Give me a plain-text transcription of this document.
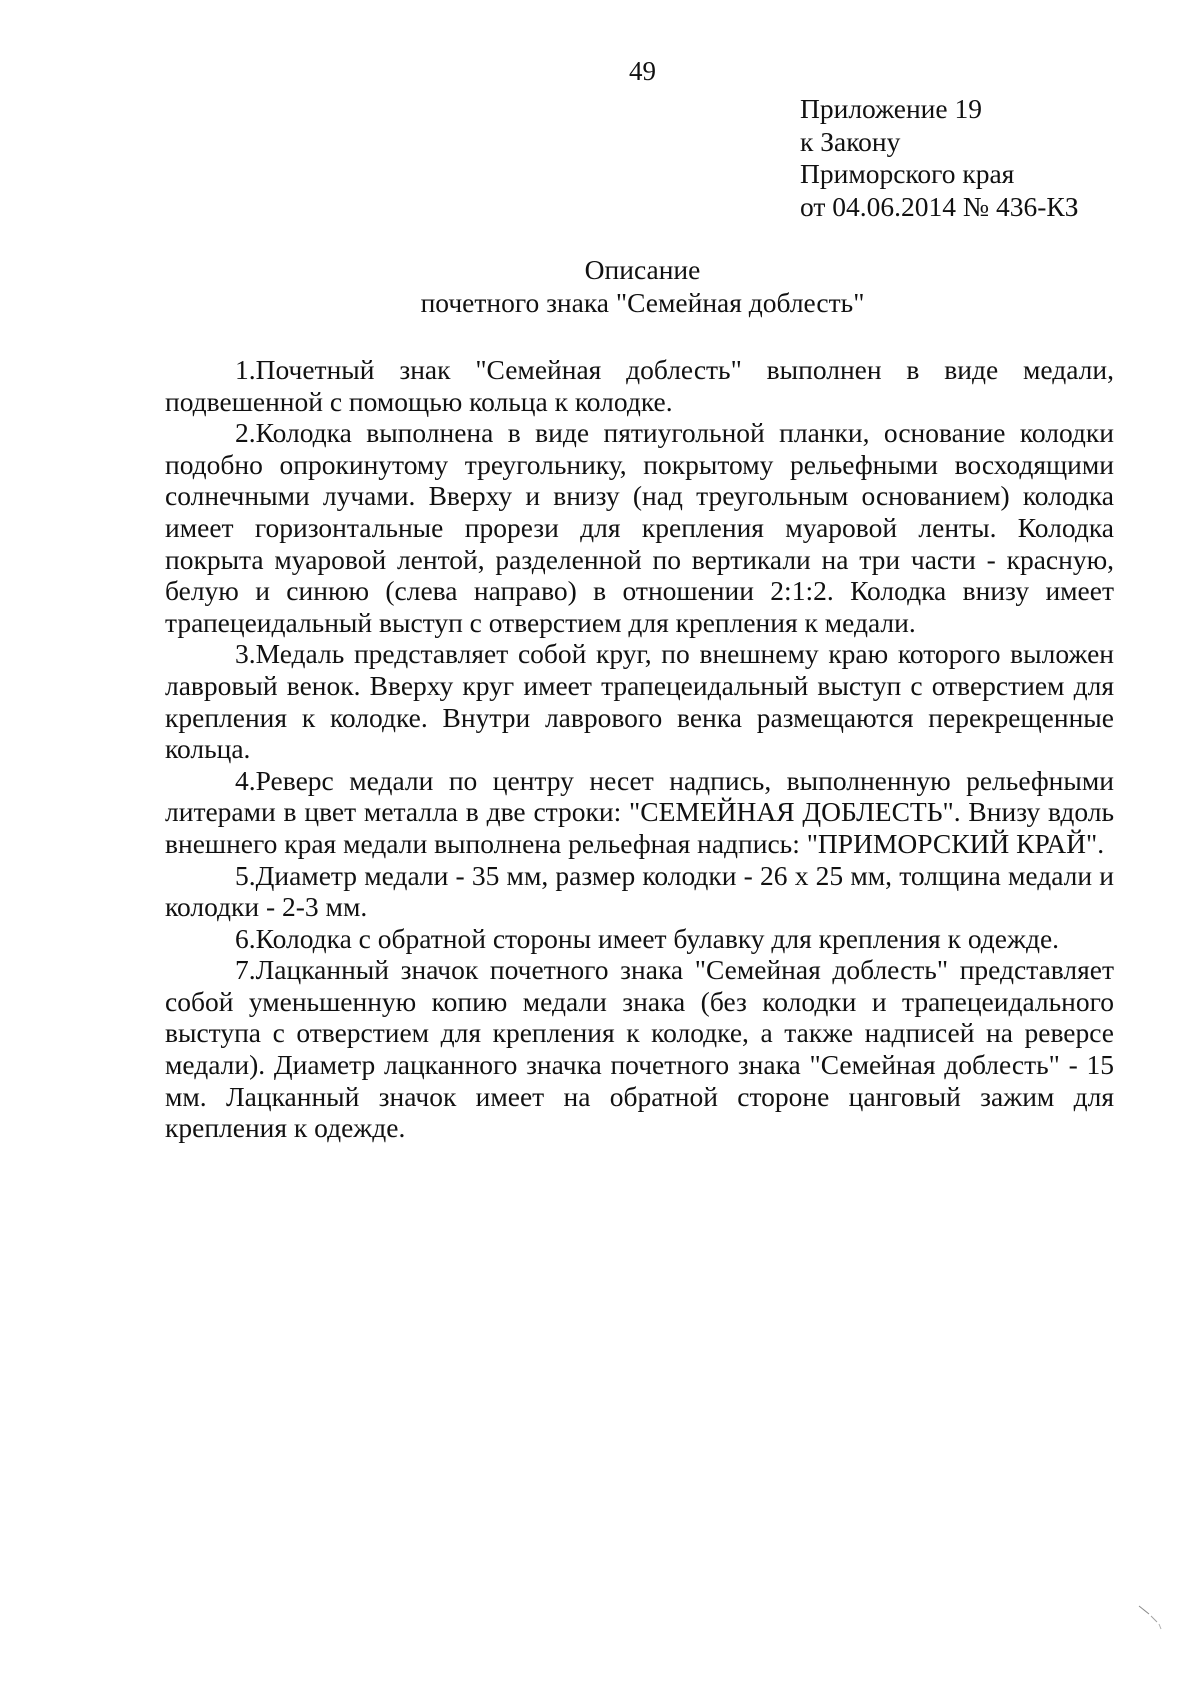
49
Приложение 19
к Закону
Приморского края
от 04.06.2014 № 436-КЗ
Описание
почетного знака "Семейная доблесть"

1.Почетный знак "Семейная доблесть" выполнен в виде медали, подвешенной с помощью кольца к колодке.

2.Колодка выполнена в виде пятиугольной планки, основание колодки подобно опрокинутому треугольнику, покрытому рельефными восходящими солнечными лучами. Вверху и внизу (над треугольным основанием) колодка имеет горизонтальные прорези для крепления муаровой ленты. Колодка покрыта муаровой лентой, разделенной по вертикали на три части - красную, белую и синюю (слева направо) в отношении 2:1:2. Колодка внизу имеет трапецеидальный выступ с отверстием для крепления к медали.

3.Медаль представляет собой круг, по внешнему краю которого выложен лавровый венок. Вверху круг имеет трапецеидальный выступ с отверстием для крепления к колодке. Внутри лаврового венка размещаются перекрещенные кольца.

4.Реверс медали по центру несет надпись, выполненную рельефными литерами в цвет металла в две строки: "СЕМЕЙНАЯ ДОБЛЕСТЬ". Внизу вдоль внешнего края медали выполнена рельефная надпись: "ПРИМОРСКИЙ КРАЙ".

5.Диаметр медали - 35 мм, размер колодки - 26 х 25 мм, толщина медали и колодки - 2-3 мм.

6.Колодка с обратной стороны имеет булавку для крепления к одежде.

7.Лацканный значок почетного знака "Семейная доблесть" представляет собой уменьшенную копию медали знака (без колодки и трапецеидального выступа с отверстием для крепления к колодке, а также надписей на реверсе медали). Диаметр лацканного значка почетного знака "Семейная доблесть" - 15 мм. Лацканный значок имеет на обратной стороне цанговый зажим для крепления к одежде.
